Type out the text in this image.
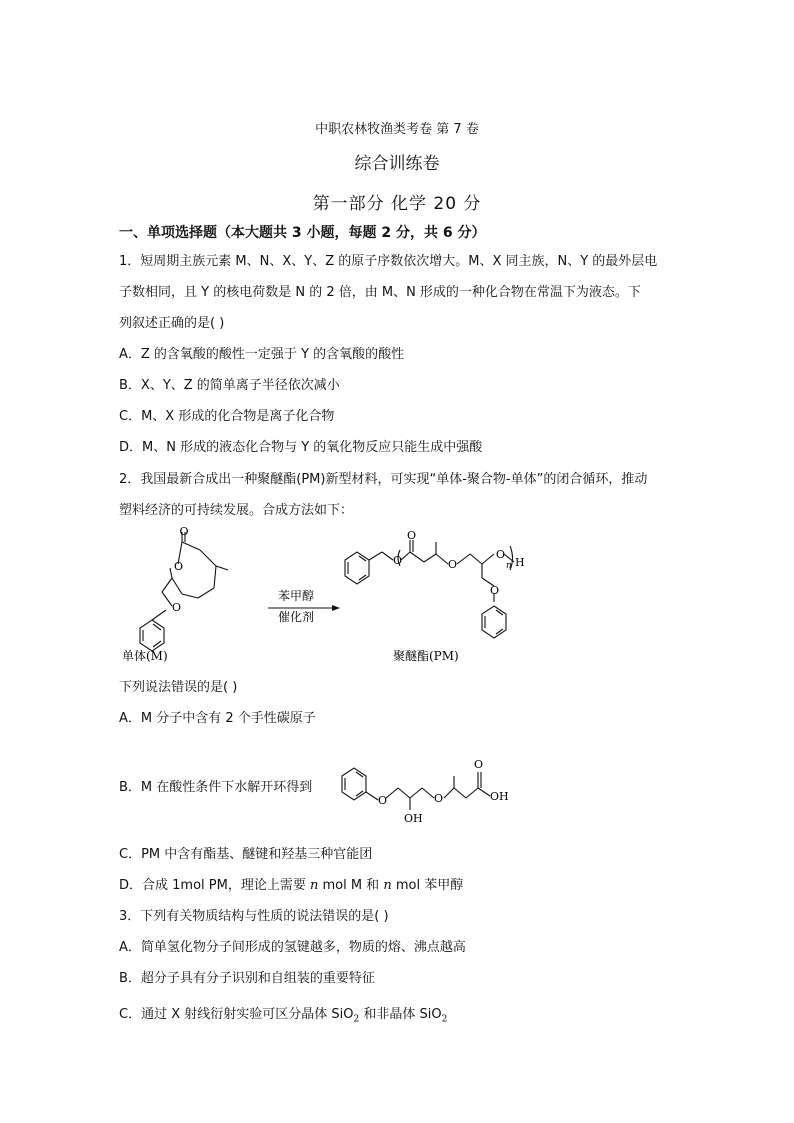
中职农林牧渔类考卷 第 7 卷
综合训练卷
第一部分 化学 20 分
一、单项选择题（本大题共 3 小题，每题 2 分，共 6 分）
1．短周期主族元素 M、N、X、Y、Z 的原子序数依次增大。M、X 同主族，N、Y 的最外层电
子数相同，且 Y 的核电荷数是 N 的 2 倍，由 M、N 形成的一种化合物在常温下为液态。下
列叙述正确的是( )
A．Z 的含氧酸的酸性一定强于 Y 的含氧酸的酸性
B．X、Y、Z 的简单离子半径依次减小
C．M、X 形成的化合物是离子化合物
D．M、N 形成的液态化合物与 Y 的氧化物反应只能生成中强酸
2．我国最新合成出一种聚醚酯(PM)新型材料，可实现“单体-聚合物-单体”的闭合循环，推动
塑料经济的可持续发展。合成方法如下：
O
O
O
苯甲醇
催化剂
O
O
O
O
n H
O
单体(M)	聚醚酯(PM)
下列说法错误的是( )
A．M 分子中含有 2 个手性碳原子
B．M 在酸性条件下水解开环得到
O
OH
O
O
OH
C．PM 中含有酯基、醚键和羟基三种官能团
D．合成 1mol PM，理论上需要 n mol M 和 n mol 苯甲醇
3．下列有关物质结构与性质的说法错误的是( )
A．简单氢化物分子间形成的氢键越多，物质的熔、沸点越高
B．超分子具有分子识别和自组装的重要特征
C．通过 X 射线衍射实验可区分晶体 SiO$_2$ 和非晶体 SiO$_2$
